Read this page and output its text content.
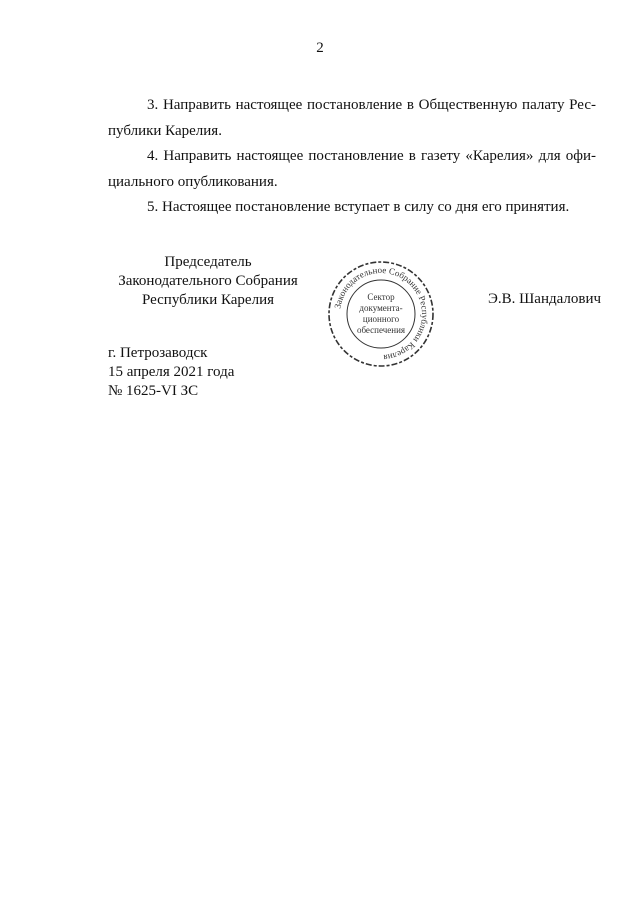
2
3. Направить настоящее постановление в Общественную палату Рес-
публики Карелия.
4. Направить настоящее постановление в газету «Карелия» для офи-
циального опубликования.
5. Настоящее постановление вступает в силу со дня его принятия.
Председатель
Законодательного Собрания
Республики Карелия	Законодательное Собрание Республики Карелия
Сектор
документа-
ционного
обеспечения
Э.В. Шандалович
г. Петрозаводск
15 апреля 2021 года
№ 1625-VI ЗС
